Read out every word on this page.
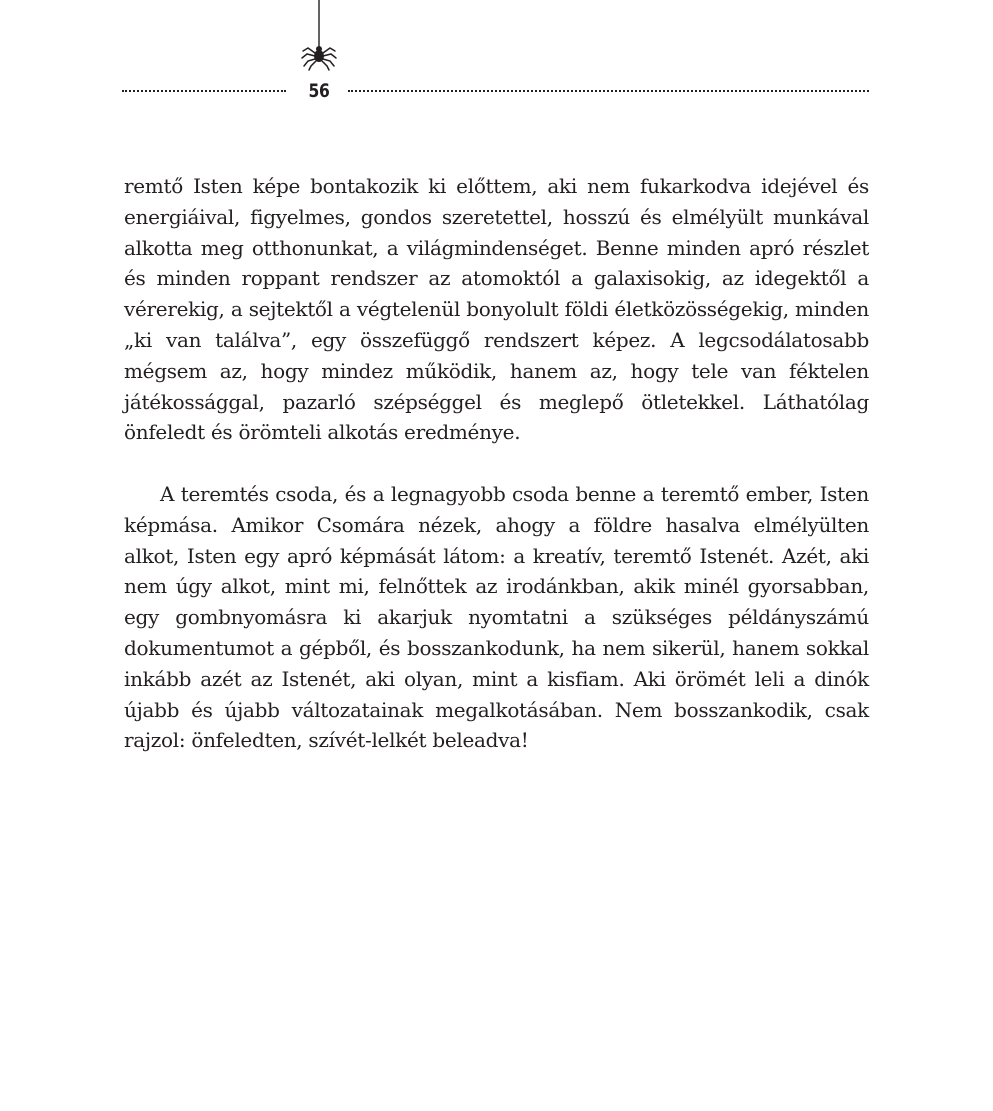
56

remtő Isten képe bontakozik ki előttem, aki nem fukarkodva idejével és energiáival, figyelmes, gondos szeretettel, hosszú és elmélyült munkával alkotta meg otthonunkat, a világmindenséget. Benne minden apró részlet és minden roppant rendszer az atomoktól a galaxisokig, az idegektől a vérerekig, a sejtektől a végtelenül bonyolult földi életközösségekig, minden „ki van találva”, egy összefüggő rendszert képez. A legcsodálatosabb mégsem az, hogy mindez működik, hanem az, hogy tele van féktelen játékossággal, pazarló szépséggel és meglepő ötletekkel. Láthatólag önfeledt és örömteli alkotás eredménye.

A teremtés csoda, és a legnagyobb csoda benne a teremtő ember, Isten képmása. Amikor Csomára nézek, ahogy a földre hasalva elmélyülten alkot, Isten egy apró képmását látom: a kreatív, teremtő Istenét. Azét, aki nem úgy alkot, mint mi, felnőttek az irodánkban, akik minél gyorsabban, egy gombnyomásra ki akarjuk nyomtatni a szükséges példányszámú dokumentumot a gépből, és bosszankodunk, ha nem sikerül, hanem sokkal inkább azét az Istenét, aki olyan, mint a kisfiam. Aki örömét leli a dinók újabb és újabb változatainak megalkotásában. Nem bosszankodik, csak rajzol: önfeledten, szívét-lelkét beleadva!
